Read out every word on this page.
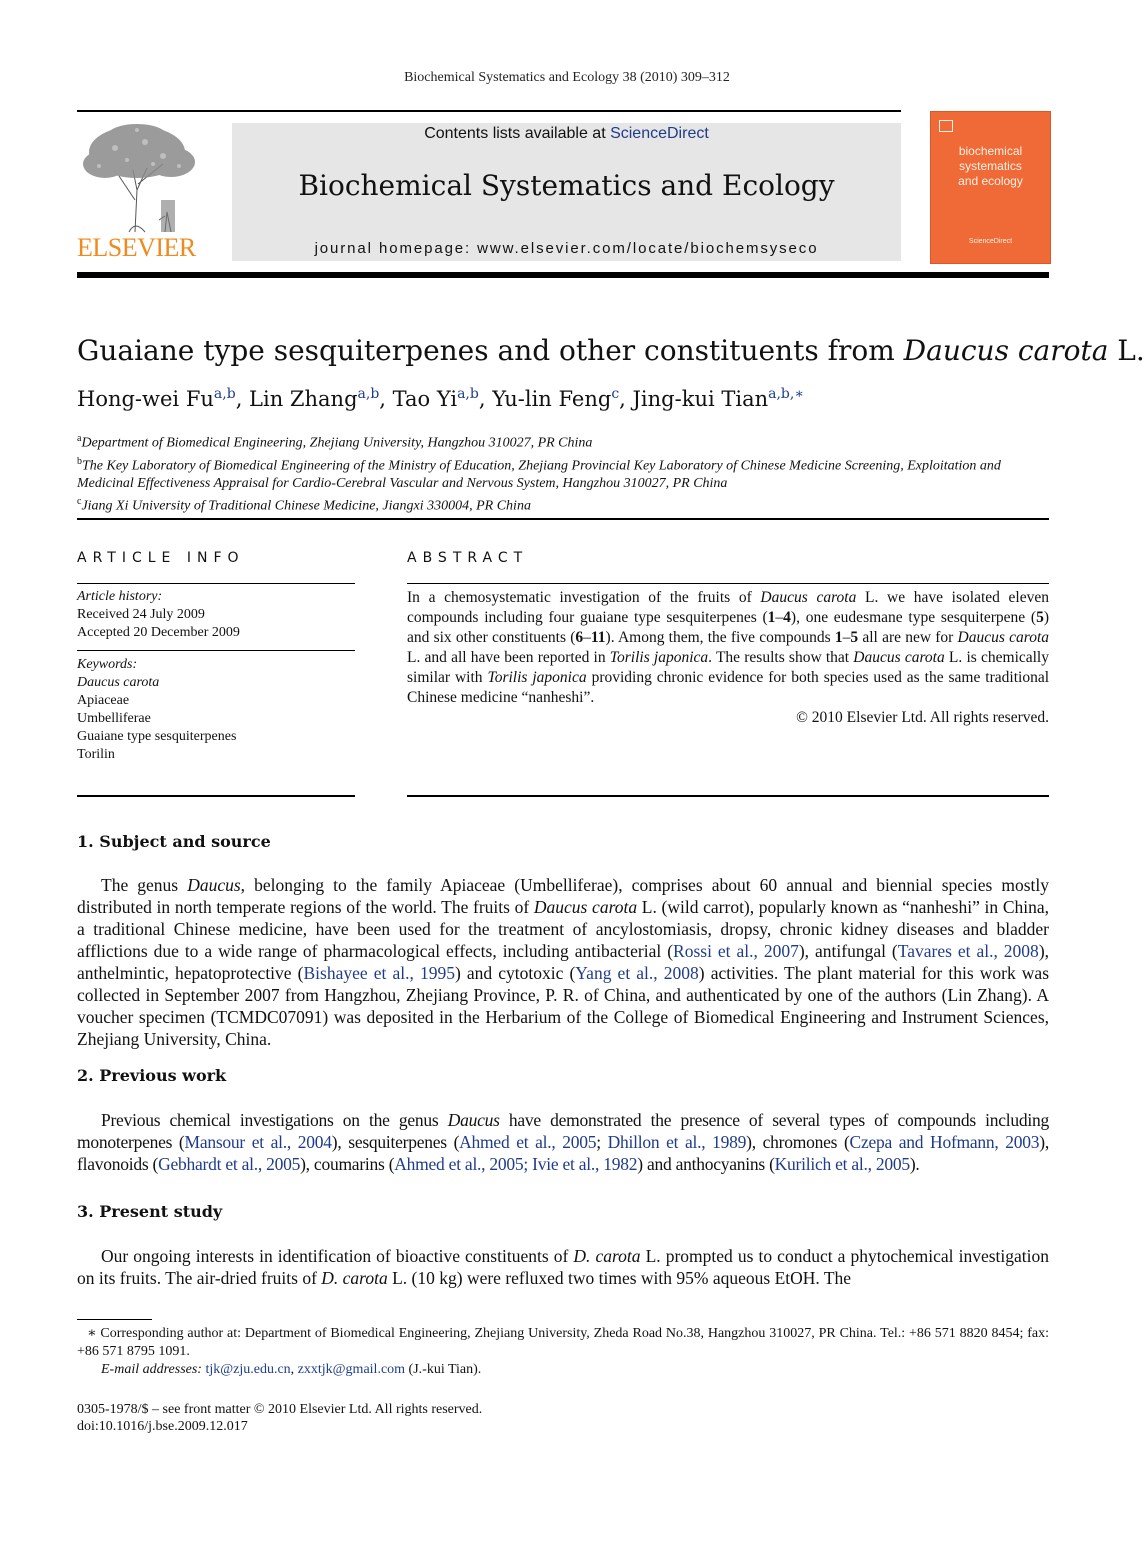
Biochemical Systematics and Ecology 38 (2010) 309–312
ELSEVIER
Contents lists available at ScienceDirect
Biochemical Systematics and Ecology
journal homepage: www.elsevier.com/locate/biochemsyseco
biochemical
systematics
and ecology
ScienceDirect
Guaiane type sesquiterpenes and other constituents from Daucus carota L.
Hong-wei Fu$^{a,b}$, Lin Zhang$^{a,b}$, Tao Yi$^{a,b}$, Yu-lin Feng$^c$, Jing-kui Tian$^{a,b,∗}$
$^a$Department of Biomedical Engineering, Zhejiang University, Hangzhou 310027, PR China
$^b$The Key Laboratory of Biomedical Engineering of the Ministry of Education, Zhejiang Provincial Key Laboratory of Chinese Medicine Screening, Exploitation and Medicinal Effectiveness Appraisal for Cardio-Cerebral Vascular and Nervous System, Hangzhou 310027, PR China
$^c$Jiang Xi University of Traditional Chinese Medicine, Jiangxi 330004, PR China
ARTICLE INFO
Article history:
Received 24 July 2009
Accepted 20 December 2009
Keywords:
Daucus carota
Apiaceae
Umbelliferae
Guaiane type sesquiterpenes
Torilin
ABSTRACT
In a chemosystematic investigation of the fruits of Daucus carota L. we have isolated eleven compounds including four guaiane type sesquiterpenes (1–4), one eudesmane type sesquiterpene (5) and six other constituents (6–11). Among them, the five compounds 1–5 all are new for Daucus carota L. and all have been reported in Torilis japonica. The results show that Daucus carota L. is chemically similar with Torilis japonica providing chronic evidence for both species used as the same traditional Chinese medicine “nanheshi”.
© 2010 Elsevier Ltd. All rights reserved.
1. Subject and source
The genus Daucus, belonging to the family Apiaceae (Umbelliferae), comprises about 60 annual and biennial species mostly distributed in north temperate regions of the world. The fruits of Daucus carota L. (wild carrot), popularly known as “nanheshi” in China, a traditional Chinese medicine, have been used for the treatment of ancylostomiasis, dropsy, chronic kidney diseases and bladder afflictions due to a wide range of pharmacological effects, including antibacterial (Rossi et al., 2007), antifungal (Tavares et al., 2008), anthelmintic, hepatoprotective (Bishayee et al., 1995) and cytotoxic (Yang et al., 2008) activities. The plant material for this work was collected in September 2007 from Hangzhou, Zhejiang Province, P. R. of China, and authenticated by one of the authors (Lin Zhang). A voucher specimen (TCMDC07091) was deposited in the Herbarium of the College of Biomedical Engineering and Instrument Sciences, Zhejiang University, China.
2. Previous work
Previous chemical investigations on the genus Daucus have demonstrated the presence of several types of compounds including monoterpenes (Mansour et al., 2004), sesquiterpenes (Ahmed et al., 2005; Dhillon et al., 1989), chromones (Czepa and Hofmann, 2003), flavonoids (Gebhardt et al., 2005), coumarins (Ahmed et al., 2005; Ivie et al., 1982) and anthocyanins (Kurilich et al., 2005).
3. Present study
Our ongoing interests in identification of bioactive constituents of D. carota L. prompted us to conduct a phytochemical investigation on its fruits. The air-dried fruits of D. carota L. (10 kg) were refluxed two times with 95% aqueous EtOH. The
∗ Corresponding author at: Department of Biomedical Engineering, Zhejiang University, Zheda Road No.38, Hangzhou 310027, PR China. Tel.: +86 571 8820 8454; fax: +86 571 8795 1091.
E-mail addresses: tjk@zju.edu.cn, zxxtjk@gmail.com (J.-kui Tian).
0305-1978/$ – see front matter © 2010 Elsevier Ltd. All rights reserved.
doi:10.1016/j.bse.2009.12.017
